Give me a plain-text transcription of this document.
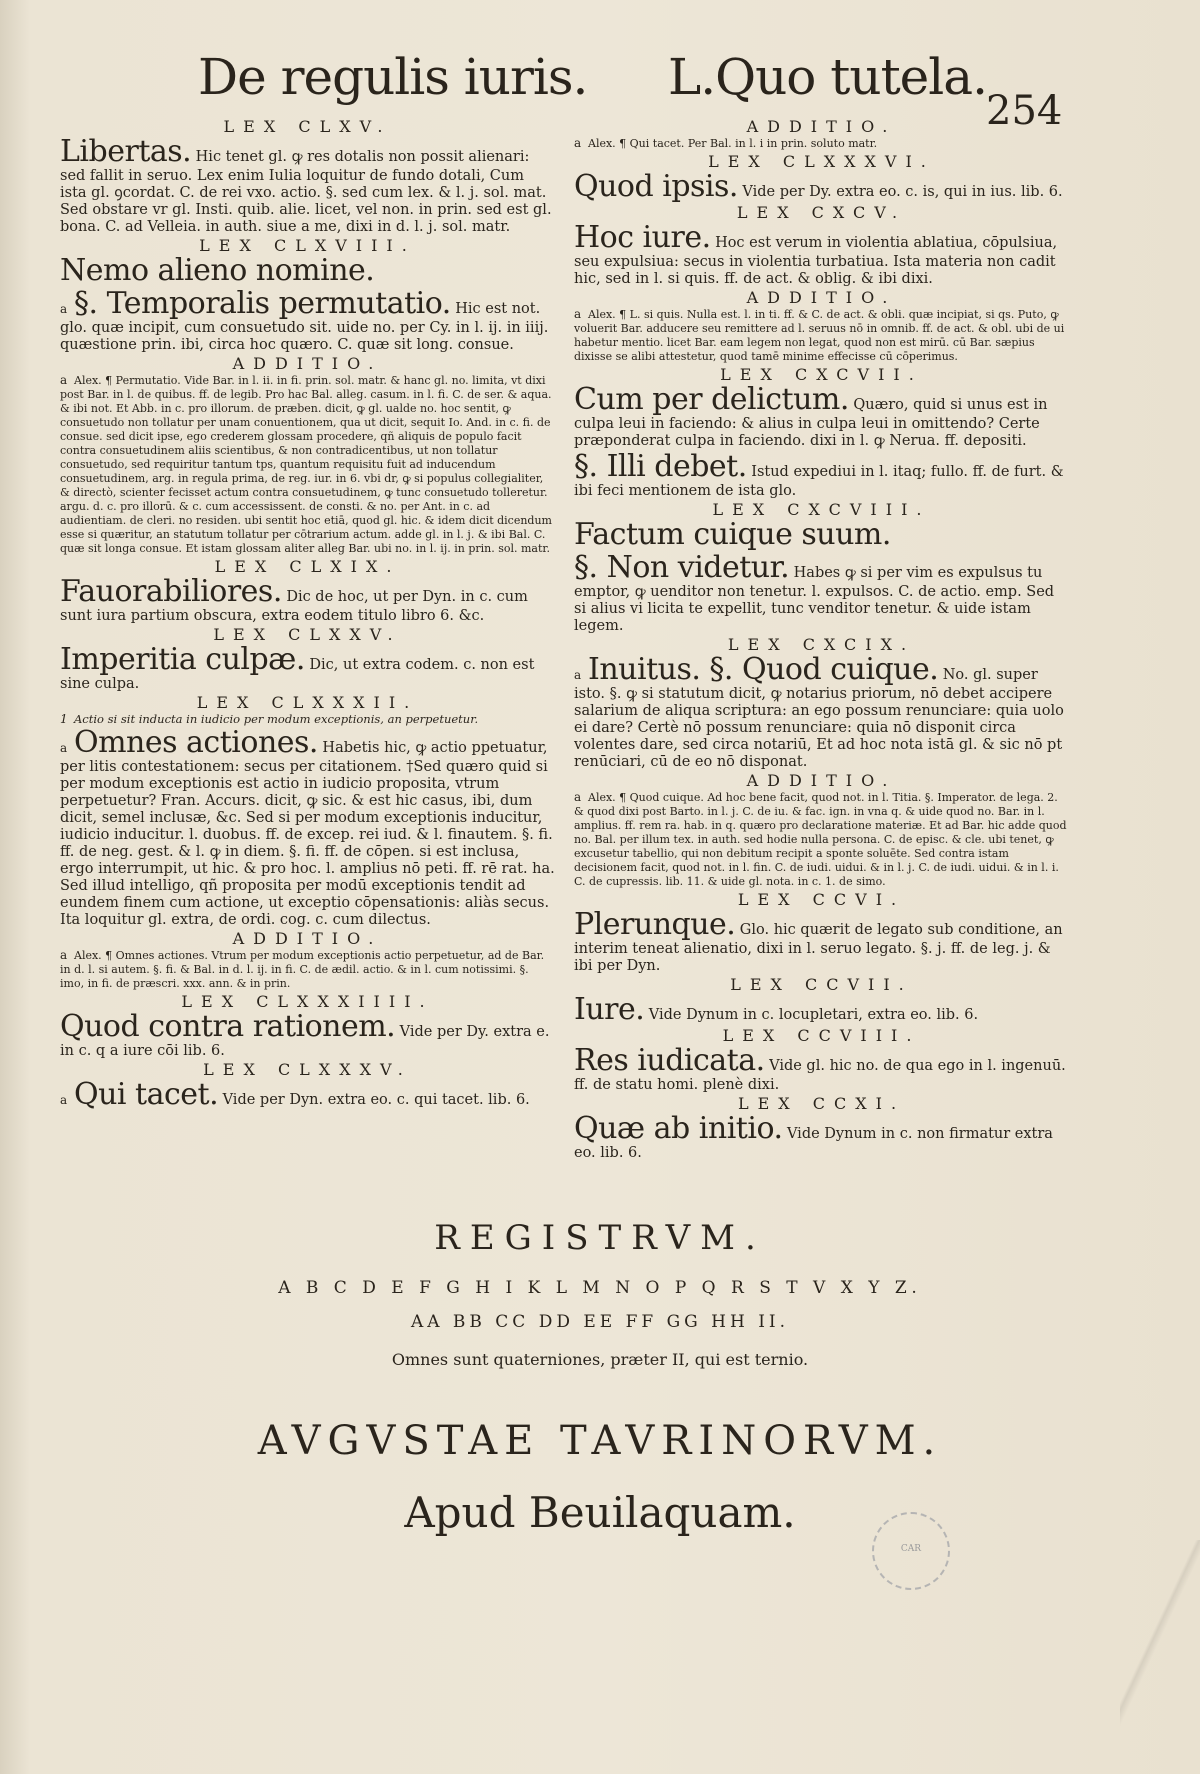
De regulis iuris. L.Quo tutela.
254

LEX CLXV.

Libertas. Hic tenet gl. ꝙ res dotalis non possit alienari: sed fallit in seruo. Lex enim Iulia loquitur de fundo dotali, Cum ista gl. ꝯcordat. C. de rei vxo. actio. §. sed cum lex. & l. j. sol. mat. Sed obstare vr gl. Insti. quib. alie. licet, vel non. in prin. sed est gl. bona. C. ad Velleia. in auth. siue a me, dixi in d. l. j. sol. matr.

LEX CLXVIII.

Nemo alieno nomine.

a §. Temporalis permutatio. Hic est not. glo. quæ incipit, cum consuetudo sit. uide no. per Cy. in l. ij. in iiij. quæstione prin. ibi, circa hoc quæro. C. quæ sit long. consue.

ADDITIO.

a Alex. ¶ Permutatio. Vide Bar. in l. ii. in fi. prin. sol. matr. & hanc gl. no. limita, vt dixi post Bar. in l. de quibus. ff. de legib. Pro hac Bal. alleg. casum. in l. fi. C. de ser. & aqua. & ibi not. Et Abb. in c. pro illorum. de præben. dicit, ꝙ gl. ualde no. hoc sentit, ꝙ consuetudo non tollatur per unam conuentionem, qua ut dicit, sequit Io. And. in c. fi. de consue. sed dicit ipse, ego crederem glossam procedere, qñ aliquis de populo facit contra consuetudinem aliis scientibus, & non contradicentibus, ut non tollatur consuetudo, sed requiritur tantum tps, quantum requisitu fuit ad inducendum consuetudinem, arg. in regula prima, de reg. iur. in 6. vbi dr, ꝙ si populus collegialiter, & directò, scienter fecisset actum contra consuetudinem, ꝙ tunc consuetudo tolleretur. argu. d. c. pro illorū. & c. cum accessissent. de consti. & no. per Ant. in c. ad audientiam. de cleri. no residen. ubi sentit hoc etiā, quod gl. hic. & idem dicit dicendum esse si quæritur, an statutum tollatur per cōtrarium actum. adde gl. in l. j. & ibi Bal. C. quæ sit longa consue. Et istam glossam aliter alleg Bar. ubi no. in l. ij. in prin. sol. matr.

LEX CLXIX.

Fauorabiliores. Dic de hoc, ut per Dyn. in c. cum sunt iura partium obscura, extra eodem titulo libro 6. &c.

LEX CLXXV.

Imperitia culpæ. Dic, ut extra codem. c. non est sine culpa.

LEX CLXXXII.

1 Actio si sit inducta in iudicio per modum exceptionis, an perpetuetur.

a Omnes actiones. Habetis hic, ꝙ actio ppetuatur, per litis contestationem: secus per citationem. †Sed quæro quid si per modum exceptionis est actio in iudicio proposita, vtrum perpetuetur? Fran. Accurs. dicit, ꝙ sic. & est hic casus, ibi, dum dicit, semel inclusæ, &c. Sed si per modum exceptionis inducitur, iudicio inducitur. l. duobus. ff. de excep. rei iud. & l. finautem. §. fi. ff. de neg. gest. & l. ꝙ in diem. §. fi. ff. de cōpen. si est inclusa, ergo interrumpit, ut hic. & pro hoc. l. amplius nō peti. ff. rē rat. ha. Sed illud intelligo, qñ proposita per modū exceptionis tendit ad eundem finem cum actione, ut exceptio cōpensationis: aliàs secus. Ita loquitur gl. extra, de ordi. cog. c. cum dilectus.

ADDITIO.

a Alex. ¶ Omnes actiones. Vtrum per modum exceptionis actio perpetuetur, ad de Bar. in d. l. si autem. §. fi. & Bal. in d. l. ij. in fi. C. de ædil. actio. & in l. cum notissimi. §. imo, in fi. de præscri. xxx. ann. & in prin.

LEX CLXXXIIII.

Quod contra rationem. Vide per Dy. extra e. in c. q a iure cōi lib. 6.

LEX CLXXXV.

a Qui tacet. Vide per Dyn. extra eo. c. qui tacet. lib. 6.

ADDITIO.

a Alex. ¶ Qui tacet. Per Bal. in l. i in prin. soluto matr.

LEX CLXXXVI.

Quod ipsis. Vide per Dy. extra eo. c. is, qui in ius. lib. 6.

LEX CXCV.

Hoc iure. Hoc est verum in violentia ablatiua, cōpulsiua, seu expulsiua: secus in violentia turbatiua. Ista materia non cadit hic, sed in l. si quis. ff. de act. & oblig. & ibi dixi.

ADDITIO.

a Alex. ¶ L. si quis. Nulla est. l. in ti. ff. & C. de act. & obli. quæ incipiat, si qs. Puto, ꝙ voluerit Bar. adducere seu remittere ad l. seruus nō in omnib. ff. de act. & obl. ubi de ui habetur mentio. licet Bar. eam legem non legat, quod non est mirū. cū Bar. sæpius dixisse se alibi attestetur, quod tamē minime effecisse cū cōperimus.

LEX CXCVII.

Cum per delictum. Quæro, quid si unus est in culpa leui in faciendo: & alius in culpa leui in omittendo? Certe præponderat culpa in faciendo. dixi in l. ꝙ Nerua. ff. depositi.

§. Illi debet. Istud expediui in l. itaq; fullo. ff. de furt. & ibi feci mentionem de ista glo.

LEX CXCVIII.

Factum cuique suum.

§. Non videtur. Habes ꝙ si per vim es expulsus tu emptor, ꝙ uenditor non tenetur. l. expulsos. C. de actio. emp. Sed si alius vi licita te expellit, tunc venditor tenetur. & uide istam legem.

LEX CXCIX.

a Inuitus. §. Quod cuique. No. gl. super isto. §. ꝙ si statutum dicit, ꝙ notarius priorum, nō debet accipere salarium de aliqua scriptura: an ego possum renunciare: quia uolo ei dare? Certè nō possum renunciare: quia nō disponit circa volentes dare, sed circa notariū, Et ad hoc nota istā gl. & sic nō pt renūciari, cū de eo nō disponat.

ADDITIO.

a Alex. ¶ Quod cuique. Ad hoc bene facit, quod not. in l. Titia. §. Imperator. de lega. 2. & quod dixi post Barto. in l. j. C. de iu. & fac. ign. in vna q. & uide quod no. Bar. in l. amplius. ff. rem ra. hab. in q. quæro pro declaratione materiæ. Et ad Bar. hic adde quod no. Bal. per illum tex. in auth. sed hodie nulla persona. C. de episc. & cle. ubi tenet, ꝙ excusetur tabellio, qui non debitum recipit a sponte soluēte. Sed contra istam decisionem facit, quod not. in l. fin. C. de iudi. uidui. & in l. j. C. de iudi. uidui. & in l. i. C. de cupressis. lib. 11. & uide gl. nota. in c. 1. de simo.

LEX CCVI.

Plerunque. Glo. hic quærit de legato sub conditione, an interim teneat alienatio, dixi in l. seruo legato. §. j. ff. de leg. j. & ibi per Dyn.

LEX CCVII.

Iure. Vide Dynum in c. locupletari, extra eo. lib. 6.

LEX CCVIII.

Res iudicata. Vide gl. hic no. de qua ego in l. ingenuū. ff. de statu homi. plenè dixi.

LEX CCXI.

Quæ ab initio. Vide Dynum in c. non firmatur extra eo. lib. 6.

REGISTRVM.
A B C D E F G H I K L M N O P Q R S T V X Y Z.
AA BB CC DD EE FF GG HH II.
Omnes sunt quaterniones, præter II, qui est ternio.
AVGVSTAE TAVRINORVM.
Apud Beuilaquam.
CAR
